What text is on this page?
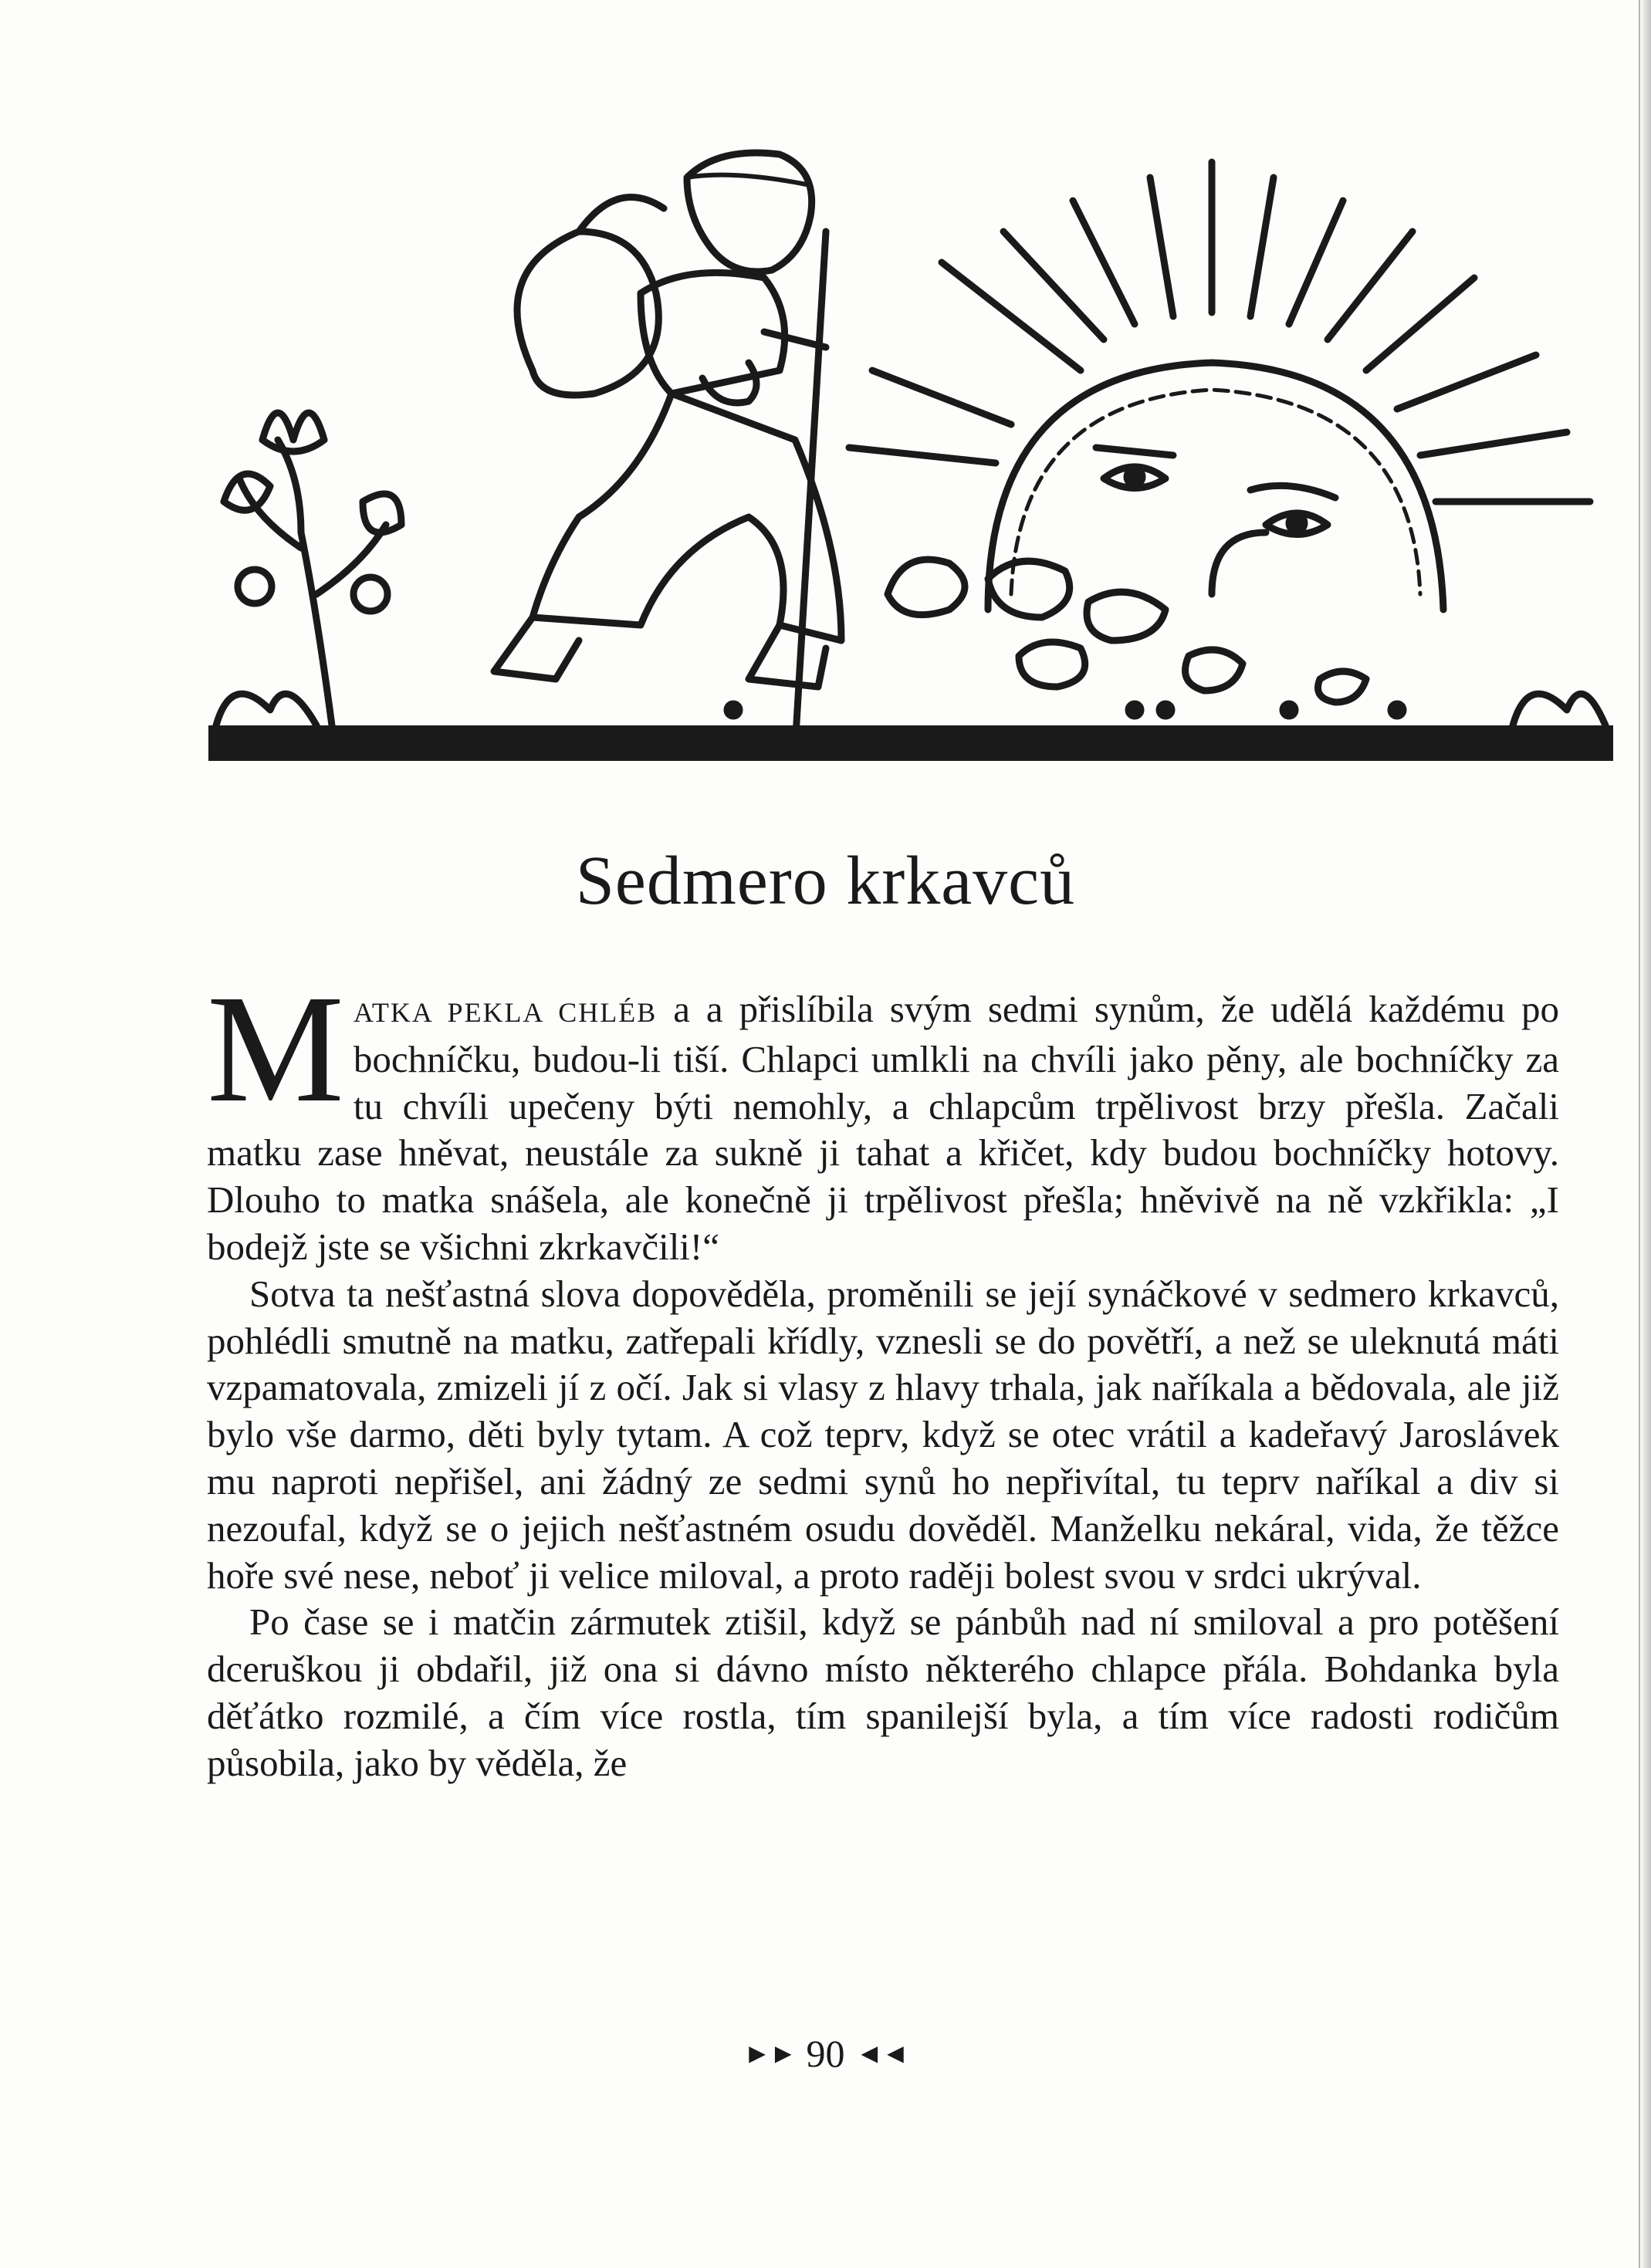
Sedmero krkavců

MATKA PEKLA CHLÉB a a přislíbila svým sedmi synům, že udělá každému po bochníčku, budou-li tiší. Chlapci umlkli na chvíli jako pěny, ale bochníčky za tu chvíli upečeny býti nemohly, a chlapcům trpělivost brzy přešla. Začali matku zase hněvat, neustále za sukně ji tahat a křičet, kdy budou bochníčky hotovy. Dlouho to matka snášela, ale konečně ji trpělivost přešla; hněvivě na ně vzkřikla: „I bodejž jste se všichni zkrkavčili!“

Sotva ta nešťastná slova dopověděla, proměnili se její synáčkové v sedmero krkavců, pohlédli smutně na matku, zatřepali křídly, vznesli se do povětří, a než se uleknutá máti vzpamatovala, zmizeli jí z očí. Jak si vlasy z hlavy trhala, jak naříkala a bědovala, ale již bylo vše darmo, děti byly tytam. A což teprv, když se otec vrátil a kadeřavý Jaroslávek mu naproti nepřišel, ani žádný ze sedmi synů ho nepřivítal, tu teprv naříkal a div si nezoufal, když se o jejich nešťastném osudu dověděl. Manželku nekáral, vida, že těžce hoře své nese, neboť ji velice miloval, a proto raději bolest svou v srdci ukrýval.

Po čase se i matčin zármutek ztišil, když se pánbůh nad ní smiloval a pro potěšení dceruškou ji obdařil, již ona si dávno místo některého chlapce přála. Bohdanka byla děťátko rozmilé, a čím více rostla, tím spanilejší byla, a tím více radosti rodičům působila, jako by věděla, že

►► 90 ◄◄
